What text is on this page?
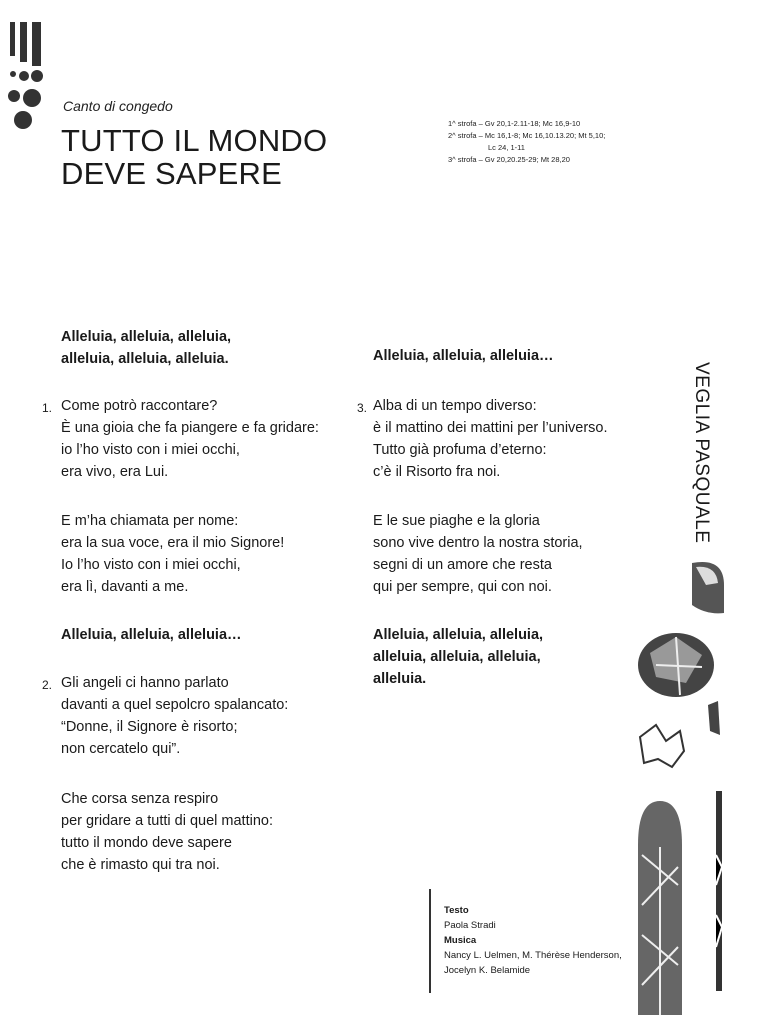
Canto di congedo
TUTTO IL MONDO
DEVE SAPERE
1^ strofa – Gv 20,1-2.11-18; Mc 16,9-10
2^ strofa – Mc 16,1-8; Mc 16,10.13.20; Mt 5,10;
Lc 24, 1-11
3^ strofa – Gv 20,20.25-29; Mt 28,20
Alleluia, alleluia, alleluia,
alleluia, alleluia, alleluia.
1. Come potrò raccontare?
È una gioia che fa piangere e fa gridare:
io l’ho visto con i miei occhi,
era vivo, era Lui.
E m’ha chiamata per nome:
era la sua voce, era il mio Signore!
Io l’ho visto con i miei occhi,
era lì, davanti a me.
Alleluia, alleluia, alleluia…
2. Gli angeli ci hanno parlato
davanti a quel sepolcro spalancato:
“Donne, il Signore è risorto;
non cercatelo qui”.
Che corsa senza respiro
per gridare a tutti di quel mattino:
tutto il mondo deve sapere
che è rimasto qui tra noi.
Alleluia, alleluia, alleluia…
3. Alba di un tempo diverso:
è il mattino dei mattini per l’universo.
Tutto già profuma d’eterno:
c’è il Risorto fra noi.
E le sue piaghe e la gloria
sono vive dentro la nostra storia,
segni di un amore che resta
qui per sempre, qui con noi.
Alleluia, alleluia, alleluia,
alleluia, alleluia, alleluia,
alleluia.
VEGLIA PASQUALE
Testo
Paola Stradi
Musica
Nancy L. Uelmen, M. Thérèse Henderson,
Jocelyn K. Belamide
